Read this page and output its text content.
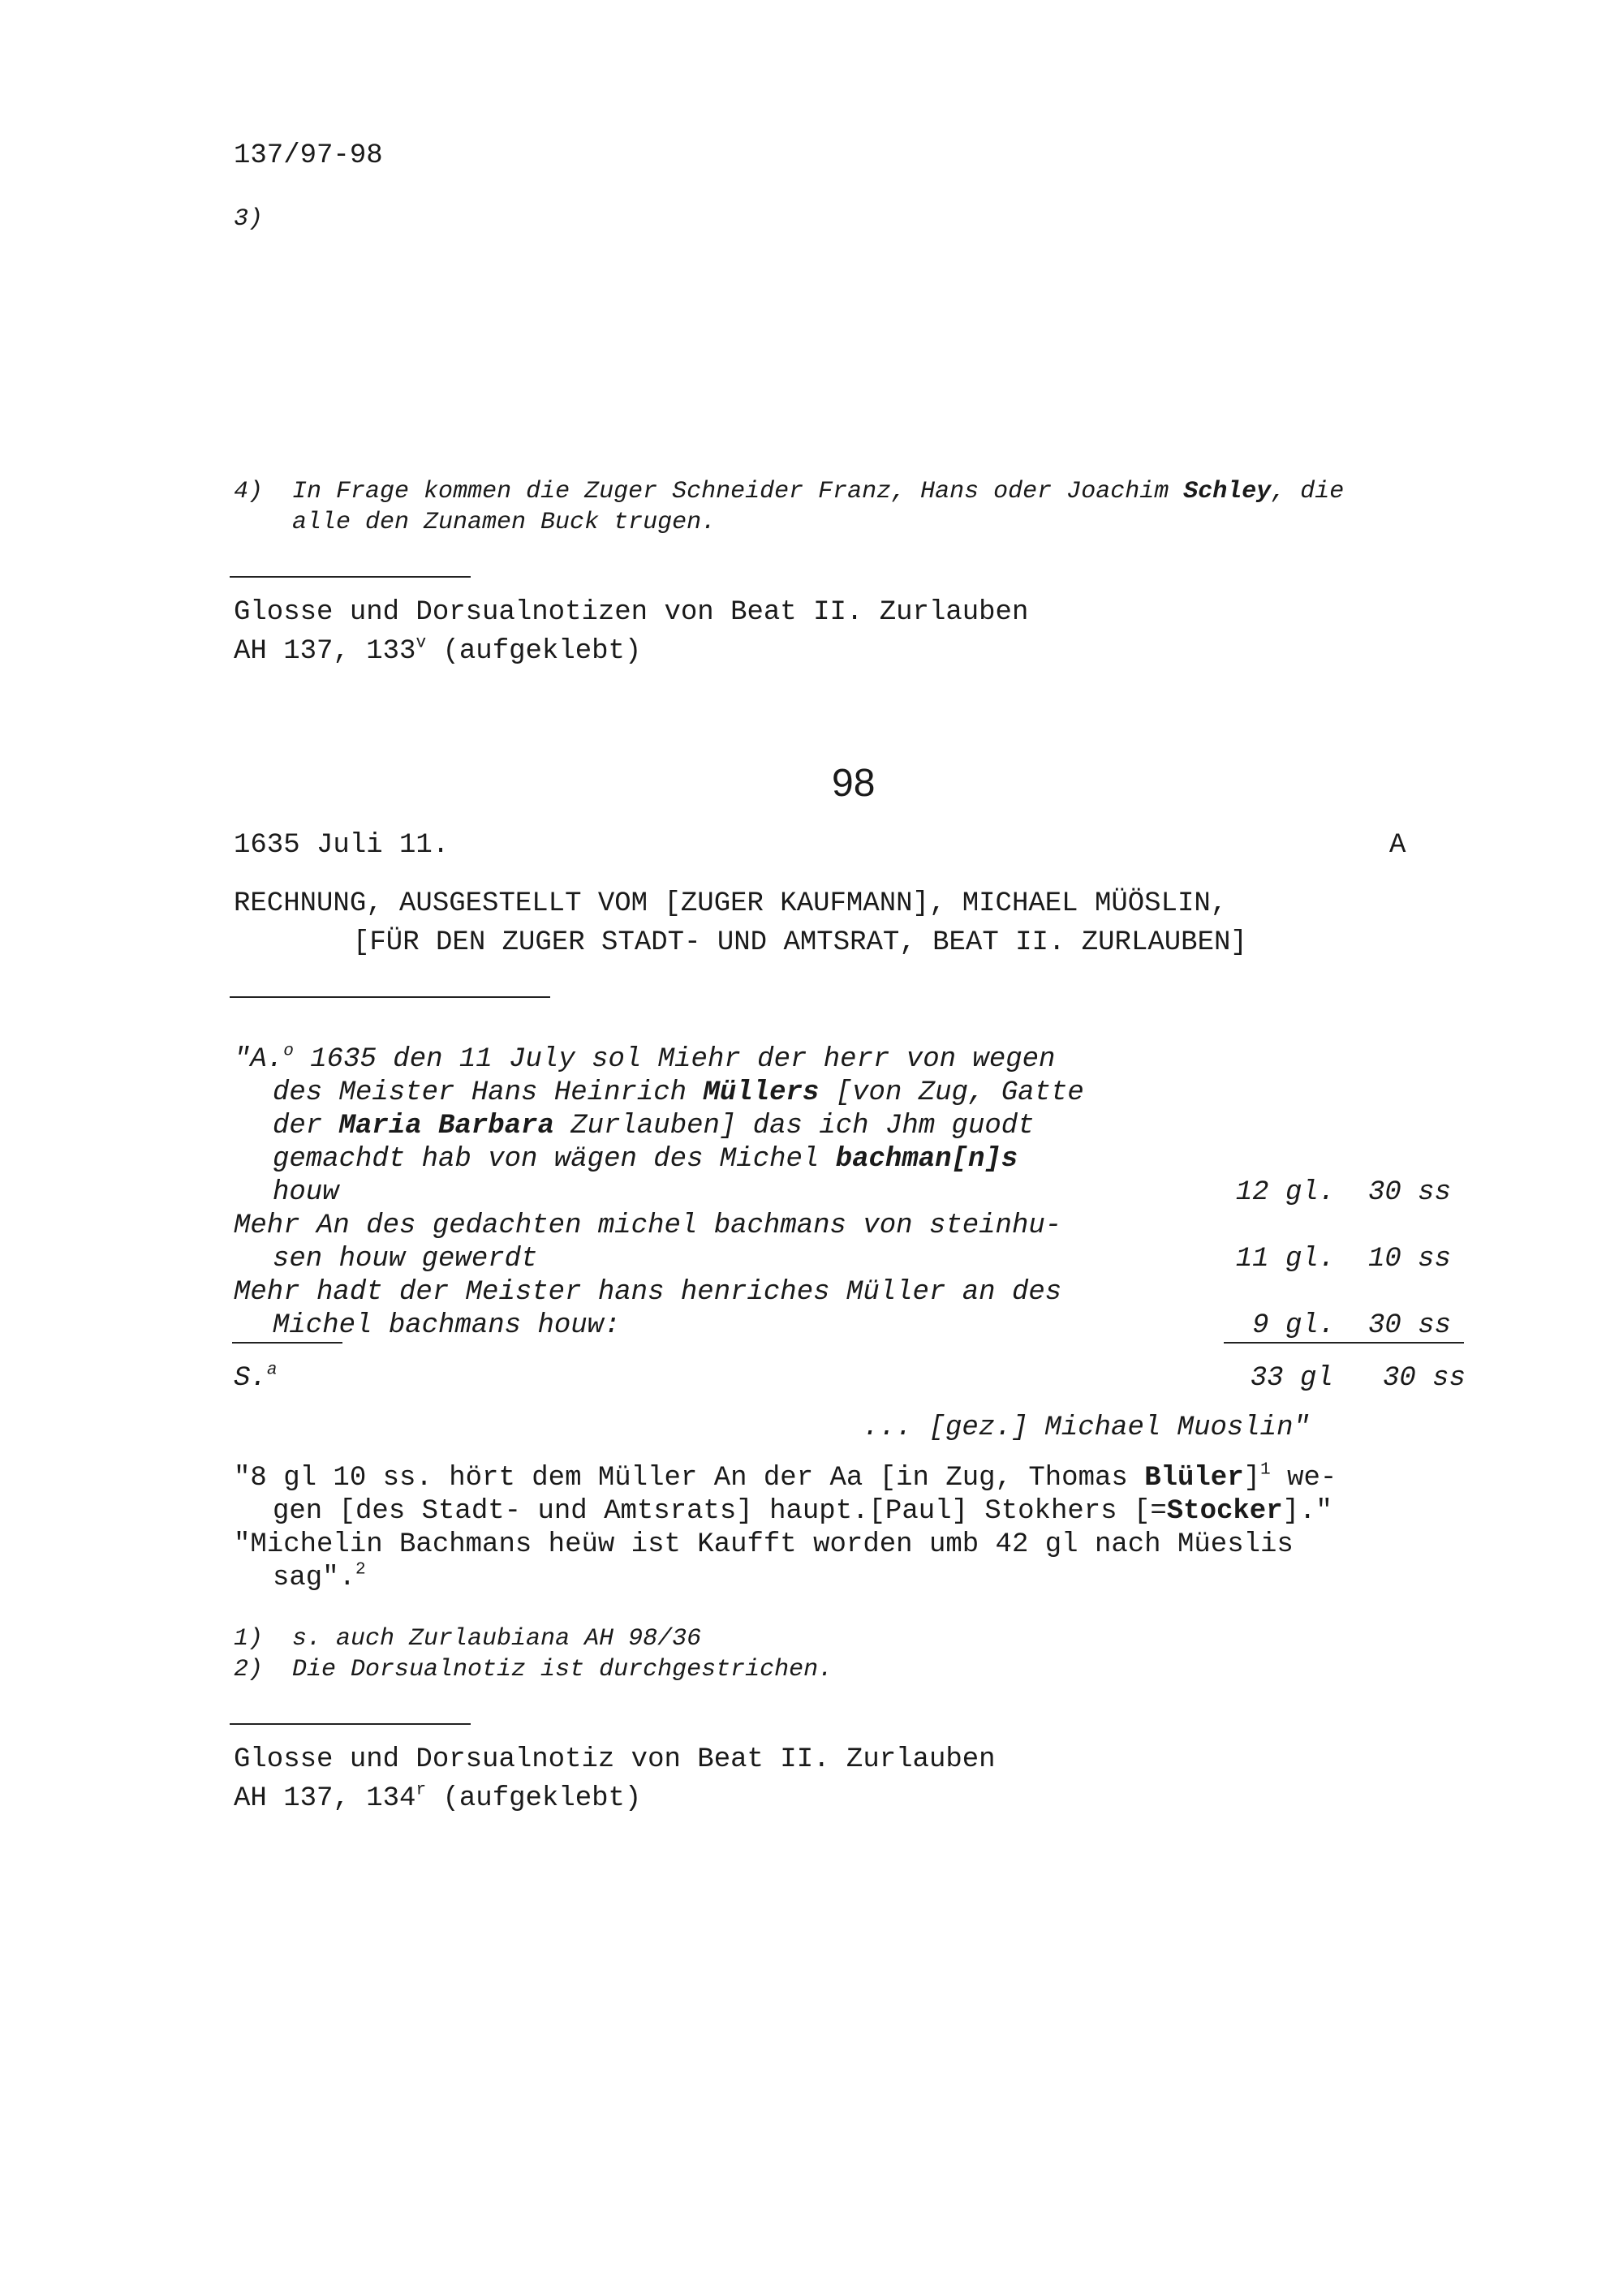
137/97-98
3)
4) In Frage kommen die Zuger Schneider Franz, Hans oder Joachim Schley, die
alle den Zunamen Buck trugen.
Glosse und Dorsualnotizen von Beat II. Zurlauben
AH 137, 133$^v$ (aufgeklebt)
98
1635 Juli 11.	A
RECHNUNG, AUSGESTELLT VOM [ZUGER KAUFMANN], MICHAEL MÜÖSLIN,
[FÜR DEN ZUGER STADT- UND AMTSRAT, BEAT II. ZURLAUBEN]
"A.$^o$ 1635 den 11 July sol Miehr der herr von wegen
des Meister Hans Heinrich Müllers [von Zug, Gatte
der Maria Barbara Zurlauben] das ich Jhm guodt
gemachdt hab von wägen des Michel bachman[n]s
houw	12 gl.  30 ss
Mehr An des gedachten michel bachmans von steinhu-
sen houw gewerdt	11 gl.  10 ss
Mehr hadt der Meister hans henriches Müller an des
Michel bachmans houw:	9 gl.  30 ss
S.$^a$	33 gl   30 ss
... [gez.] Michael Muoslin"
"8 gl 10 ss. hört dem Müller An der Aa [in Zug, Thomas Blüler]$^1$ we-
gen [des Stadt- und Amtsrats] haupt.[Paul] Stokhers [=Stocker]."
"Michelin Bachmans heüw ist Kaufft worden umb 42 gl nach Müeslis
sag".$^2$
1)  s. auch Zurlaubiana AH 98/36
2)  Die Dorsualnotiz ist durchgestrichen.
Glosse und Dorsualnotiz von Beat II. Zurlauben
AH 137, 134$^r$ (aufgeklebt)
